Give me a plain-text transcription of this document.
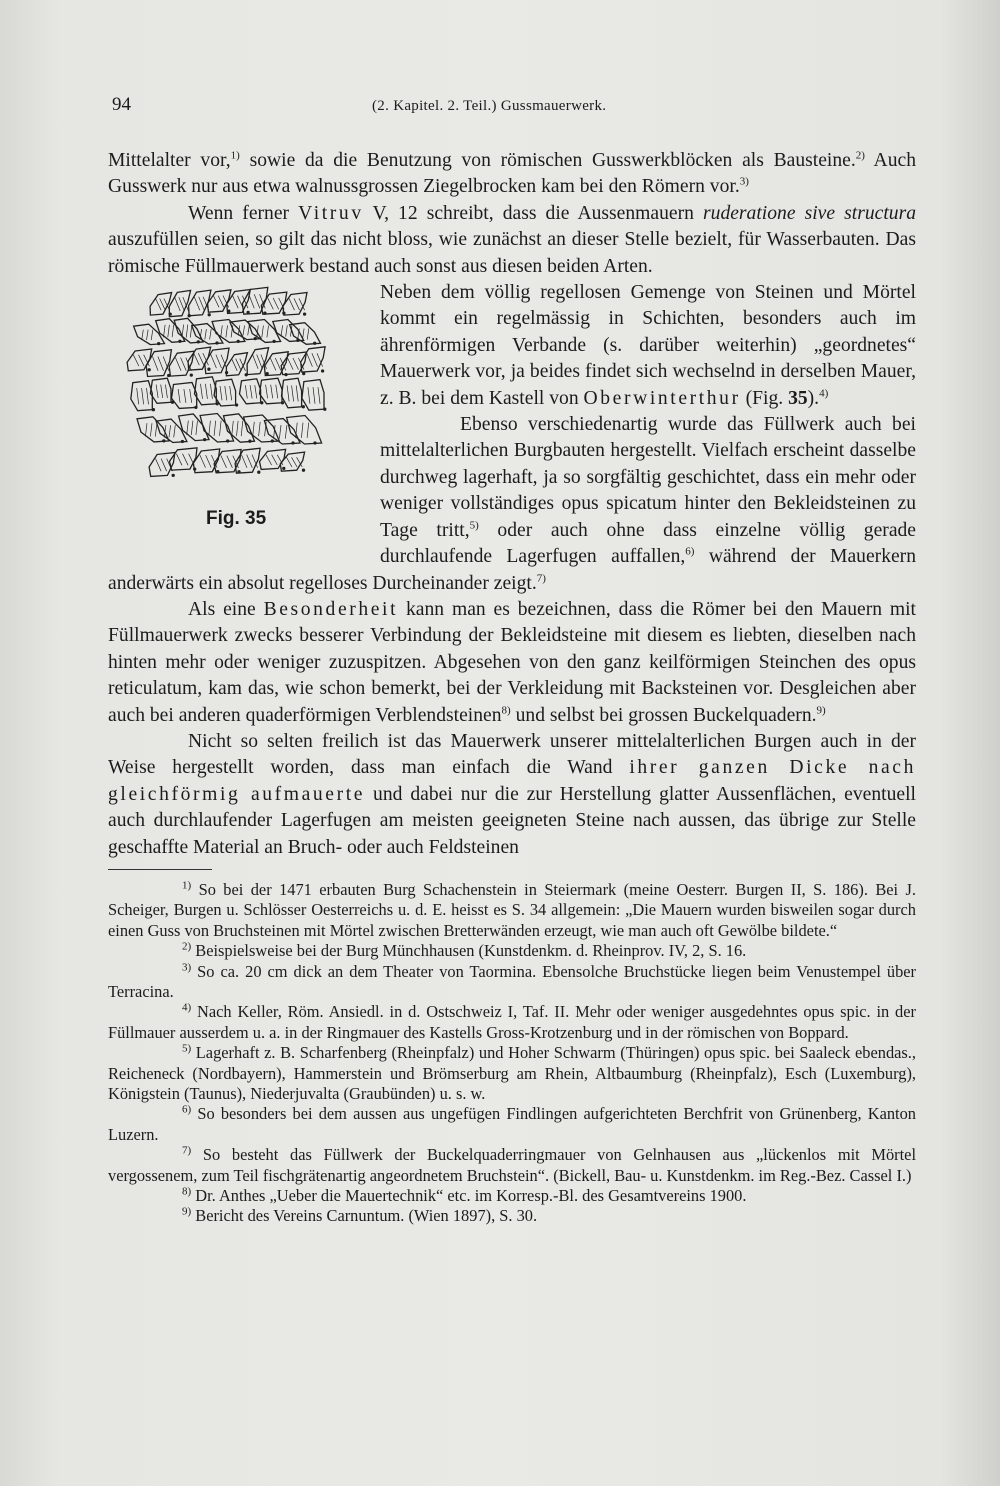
94	(2. Kapitel. 2. Teil.) Gussmauerwerk.

Mittelalter vor,$^{1)}$ sowie da die Benutzung von römischen Gusswerkblöcken als Bausteine.$^{2)}$ Auch Gusswerk nur aus etwa walnussgrossen Ziegelbrocken kam bei den Römern vor.$^{3)}$

Wenn ferner Vitruv V, 12 schreibt, dass die Aussenmauern ruderatione sive structura auszufüllen seien, so gilt das nicht bloss, wie zunächst an dieser Stelle bezielt, für Wasserbauten. Das römische Füllmauerwerk bestand auch sonst aus diesen beiden Arten.

Fig. 35

Neben dem völlig regellosen Gemenge von Steinen und Mörtel kommt ein regelmässig in Schichten, besonders auch im ährenförmigen Verbande (s. darüber weiterhin) „geordnetes“ Mauerwerk vor, ja beides findet sich wechselnd in derselben Mauer, z. B. bei dem Kastell von Oberwinterthur (Fig. 35).$^{4)}$

Ebenso verschiedenartig wurde das Füllwerk auch bei mittelalterlichen Burgbauten hergestellt. Vielfach erscheint dasselbe durchweg lagerhaft, ja so sorgfältig geschichtet, dass ein mehr oder weniger vollständiges opus spicatum hinter den Bekleidsteinen zu Tage tritt,$^{5)}$ oder auch ohne dass einzelne völlig gerade durchlaufende Lagerfugen auffallen,$^{6)}$ während der Mauerkern anderwärts ein absolut regelloses Durcheinander zeigt.$^{7)}$

Als eine Besonderheit kann man es bezeichnen, dass die Römer bei den Mauern mit Füllmauerwerk zwecks besserer Verbindung der Bekleidsteine mit diesem es liebten, dieselben nach hinten mehr oder weniger zuzuspitzen. Abgesehen von den ganz keilförmigen Steinchen des opus reticulatum, kam das, wie schon bemerkt, bei der Verkleidung mit Backsteinen vor. Desgleichen aber auch bei anderen quaderförmigen Verblendsteinen$^{8)}$ und selbst bei grossen Buckelquadern.$^{9)}$

Nicht so selten freilich ist das Mauerwerk unserer mittelalterlichen Burgen auch in der Weise hergestellt worden, dass man einfach die Wand ihrer ganzen Dicke nach gleichförmig aufmauerte und dabei nur die zur Herstellung glatter Aussenflächen, eventuell auch durchlaufender Lagerfugen am meisten geeigneten Steine nach aussen, das übrige zur Stelle geschaffte Material an Bruch- oder auch Feldsteinen

$^{1)}$ So bei der 1471 erbauten Burg Schachenstein in Steiermark (meine Oesterr. Burgen II, S. 186). Bei J. Scheiger, Burgen u. Schlösser Oesterreichs u. d. E. heisst es S. 34 allgemein: „Die Mauern wurden bisweilen sogar durch einen Guss von Bruchsteinen mit Mörtel zwischen Bretterwänden erzeugt, wie man auch oft Gewölbe bildete.“

$^{2)}$ Beispielsweise bei der Burg Münchhausen (Kunstdenkm. d. Rheinprov. IV, 2, S. 16.

$^{3)}$ So ca. 20 cm dick an dem Theater von Taormina. Ebensolche Bruchstücke liegen beim Venustempel über Terracina.

$^{4)}$ Nach Keller, Röm. Ansiedl. in d. Ostschweiz I, Taf. II. Mehr oder weniger ausgedehntes opus spic. in der Füllmauer ausserdem u. a. in der Ringmauer des Kastells Gross-Krotzenburg und in der römischen von Boppard.

$^{5)}$ Lagerhaft z. B. Scharfenberg (Rheinpfalz) und Hoher Schwarm (Thüringen) opus spic. bei Saaleck ebendas., Reicheneck (Nordbayern), Hammerstein und Brömserburg am Rhein, Altbaumburg (Rheinpfalz), Esch (Luxemburg), Königstein (Taunus), Niederjuvalta (Graubünden) u. s. w.

$^{6)}$ So besonders bei dem aussen aus ungefügen Findlingen aufgerichteten Berchfrit von Grünenberg, Kanton Luzern.

$^{7)}$ So besteht das Füllwerk der Buckelquaderringmauer von Gelnhausen aus „lückenlos mit Mörtel vergossenem, zum Teil fischgrätenartig angeordnetem Bruchstein“. (Bickell, Bau- u. Kunstdenkm. im Reg.-Bez. Cassel I.)

$^{8)}$ Dr. Anthes „Ueber die Mauertechnik“ etc. im Korresp.-Bl. des Gesamtvereins 1900.

$^{9)}$ Bericht des Vereins Carnuntum. (Wien 1897), S. 30.
